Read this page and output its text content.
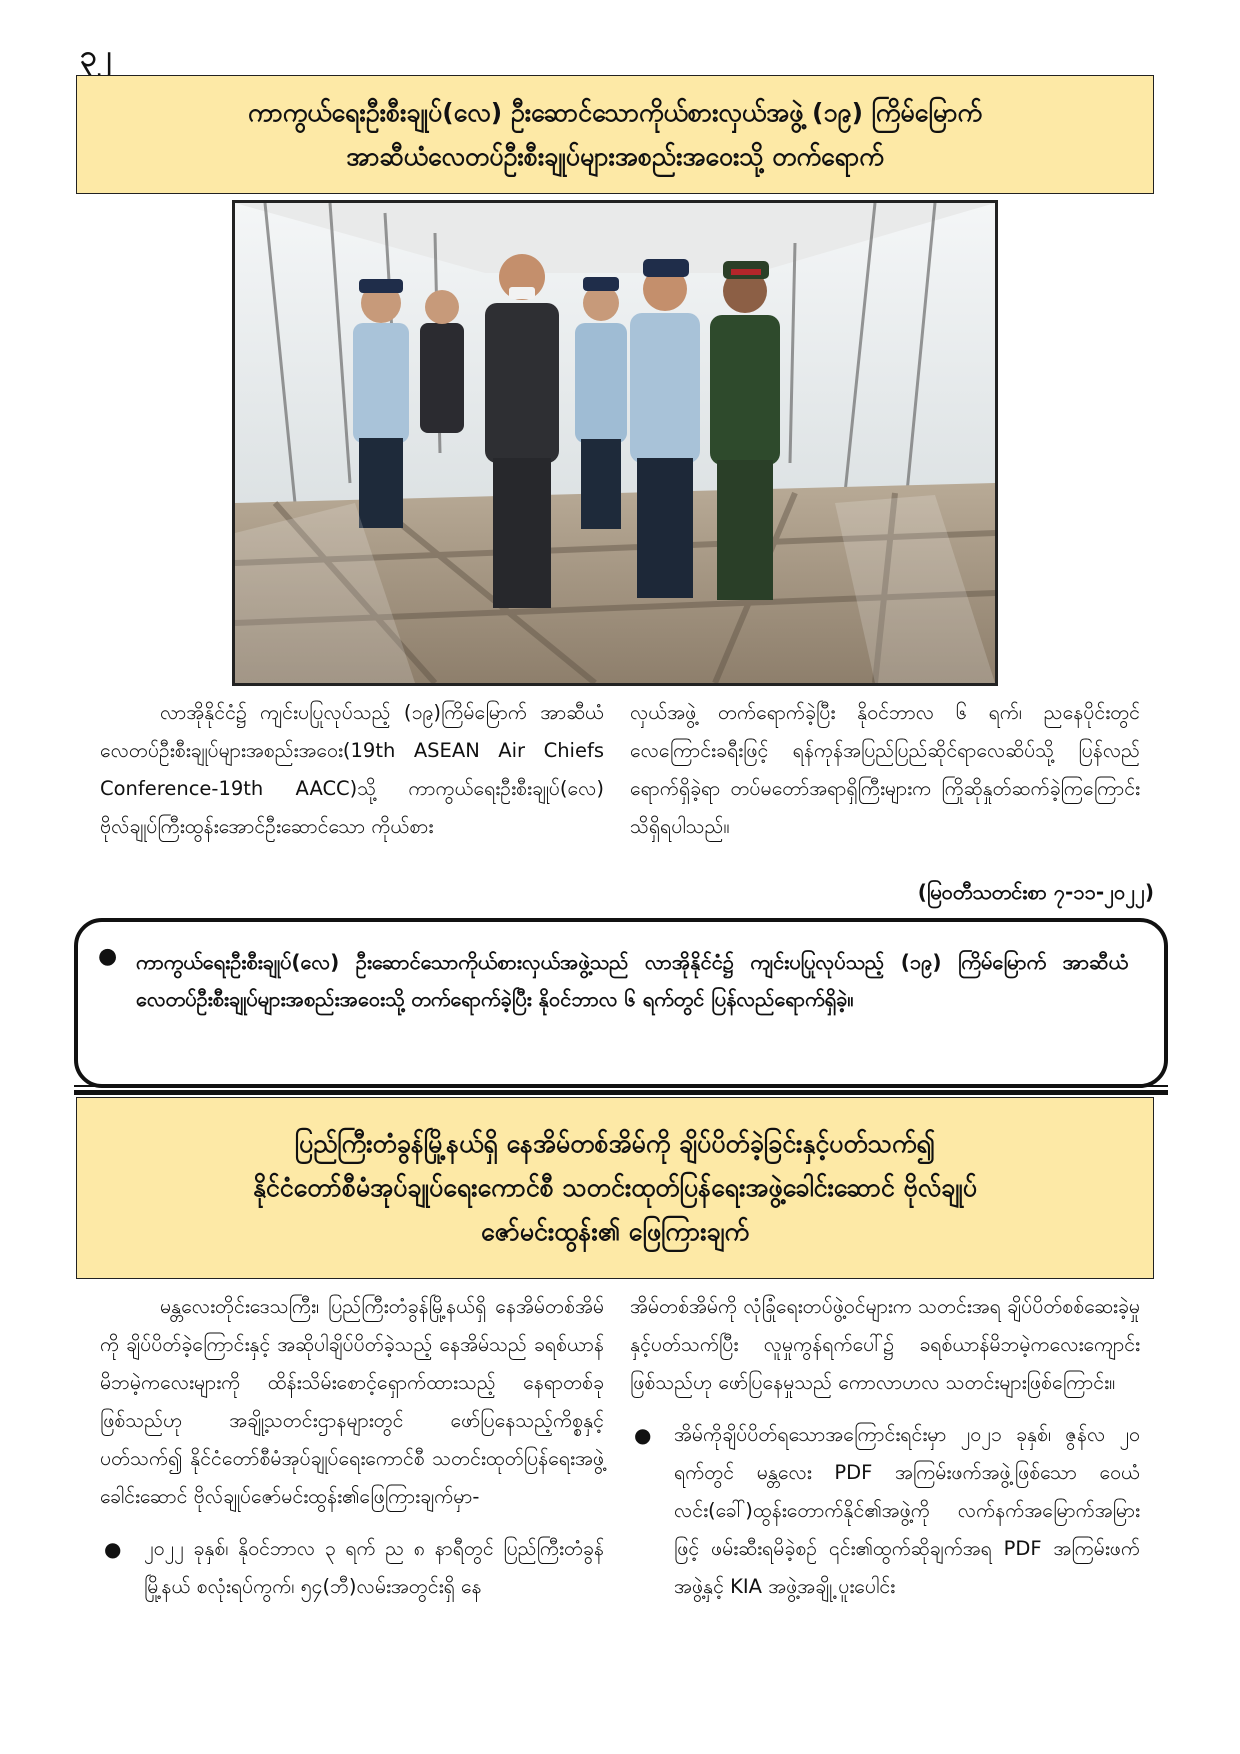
၃၂
ကာကွယ်ရေးဦးစီးချုပ်(လေ) ဦးဆောင်သောကိုယ်စားလှယ်အဖွဲ့ (၁၉) ကြိမ်မြောက်
အာဆီယံလေတပ်ဦးစီးချုပ်များအစည်းအဝေးသို့ တက်ရောက်

လာအိုနိုင်ငံ၌ ကျင်းပပြုလုပ်သည့် (၁၉)ကြိမ်မြောက် အာဆီယံလေတပ်ဦးစီးချုပ်များအစည်းအဝေး(19th ASEAN Air Chiefs Conference-19th AACC)သို့ ကာကွယ်ရေးဦးစီးချုပ်(လေ) ဗိုလ်ချုပ်ကြီးထွန်းအောင်ဦးဆောင်သော ကိုယ်စား

လှယ်အဖွဲ့ တက်ရောက်ခဲ့ပြီး နိုဝင်ဘာလ ၆ ရက်၊ ညနေပိုင်းတွင် လေကြောင်းခရီးဖြင့် ရန်ကုန်အပြည်ပြည်ဆိုင်ရာလေဆိပ်သို့ ပြန်လည်ရောက်ရှိခဲ့ရာ တပ်မတော်အရာရှိကြီးများက ကြိုဆိုနှုတ်ဆက်ခဲ့ကြကြောင်း သိရှိရပါသည်။

(မြဝတီသတင်းစာ ၇-၁၁-၂၀၂၂)
● ကာကွယ်ရေးဦးစီးချုပ်(လေ) ဦးဆောင်သောကိုယ်စားလှယ်အဖွဲ့သည် လာအိုနိုင်ငံ၌ ကျင်းပပြုလုပ်သည့် (၁၉) ကြိမ်မြောက် အာဆီယံလေတပ်ဦးစီးချုပ်များအစည်းအဝေးသို့ တက်ရောက်ခဲ့ပြီး နိုဝင်ဘာလ ၆ ရက်တွင် ပြန်လည်ရောက်ရှိခဲ့။
ပြည်ကြီးတံခွန်မြို့နယ်ရှိ နေအိမ်တစ်အိမ်ကို ချိပ်ပိတ်ခဲ့ခြင်းနှင့်ပတ်သက်၍
နိုင်ငံတော်စီမံအုပ်ချုပ်ရေးကောင်စီ သတင်းထုတ်ပြန်ရေးအဖွဲ့ခေါင်းဆောင် ဗိုလ်ချုပ်
ဇော်မင်းထွန်း၏ ဖြေကြားချက်

မန္တလေးတိုင်းဒေသကြီး၊ ပြည်ကြီးတံခွန်မြို့နယ်ရှိ နေအိမ်တစ်အိမ်ကို ချိပ်ပိတ်ခဲ့ကြောင်းနှင့် အဆိုပါချိပ်ပိတ်ခဲ့သည့် နေအိမ်သည် ခရစ်ယာန်မိဘမဲ့ကလေးများကို ထိန်းသိမ်းစောင့်ရှောက်ထားသည့် နေရာတစ်ခုဖြစ်သည်ဟု အချို့သတင်းဌာနများတွင် ဖော်ပြနေသည့်ကိစ္စနှင့်ပတ်သက်၍ နိုင်ငံတော်စီမံအုပ်ချုပ်ရေးကောင်စီ သတင်းထုတ်ပြန်ရေးအဖွဲ့ခေါင်းဆောင် ဗိုလ်ချုပ်ဇော်မင်းထွန်း၏ဖြေကြားချက်မှာ-

● ၂၀၂၂ ခုနှစ်၊ နိုဝင်ဘာလ ၃ ရက် ည ၈ နာရီတွင် ပြည်ကြီးတံခွန်မြို့နယ် စလုံးရပ်ကွက်၊ ၅၄(ဘီ)လမ်းအတွင်းရှိ နေ

အိမ်တစ်အိမ်ကို လုံခြုံရေးတပ်ဖွဲ့ဝင်များက သတင်းအရ ချိပ်ပိတ်စစ်ဆေးခဲ့မှုနှင့်ပတ်သက်ပြီး လူမှုကွန်ရက်ပေါ်၌ ခရစ်ယာန်မိဘမဲ့ကလေးကျောင်းဖြစ်သည်ဟု ဖော်ပြနေမှုသည် ကောလာဟလ သတင်းများဖြစ်ကြောင်း။

● အိမ်ကိုချိပ်ပိတ်ရသောအကြောင်းရင်းမှာ ၂၀၂၁ ခုနှစ်၊ ဇွန်လ ၂၀ ရက်တွင် မန္တလေး PDF အကြမ်းဖက်အဖွဲ့ဖြစ်သော ဝေယံလင်း(ခေါ်)ထွန်းတောက်နိုင်၏အဖွဲ့ကို လက်နက်အမြောက်အမြားဖြင့် ဖမ်းဆီးရမိခဲ့စဉ် ၎င်း၏ထွက်ဆိုချက်အရ PDF အကြမ်းဖက်အဖွဲ့နှင့် KIA အဖွဲ့အချို့ ပူးပေါင်း
